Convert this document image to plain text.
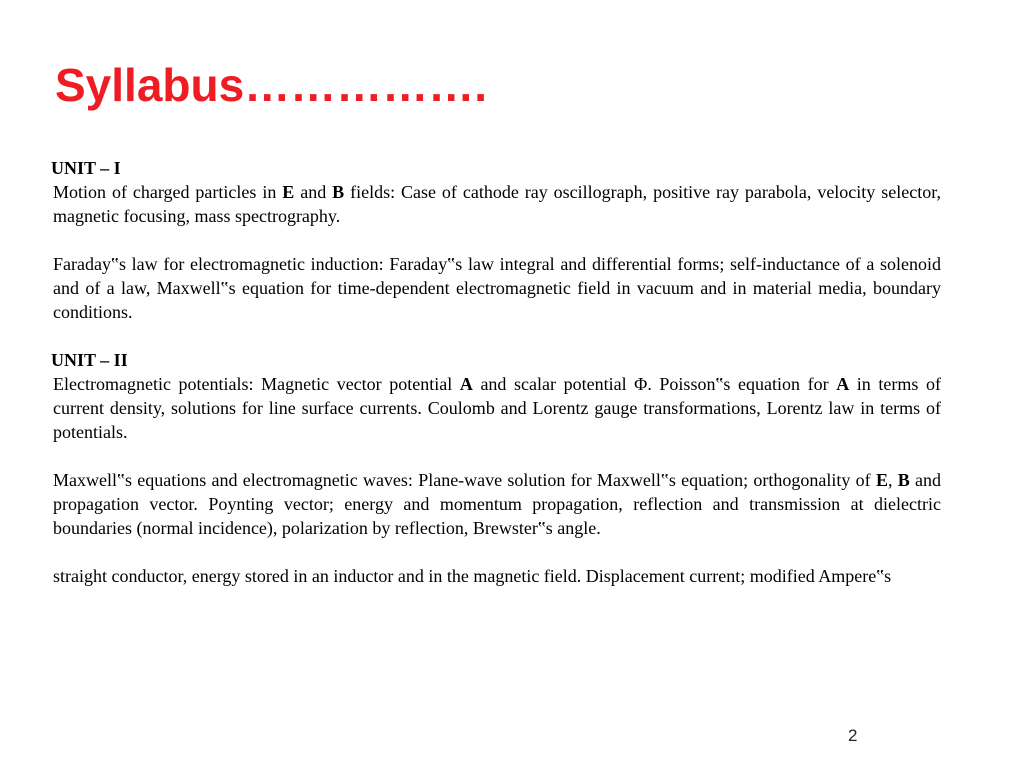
Syllabus…………….
UNIT – I

Motion of charged particles in E and B fields: Case of cathode ray oscillograph, positive ray parabola, velocity selector, magnetic focusing, mass spectrography.

Faraday‟s law for electromagnetic induction: Faraday‟s law integral and differential forms; self-inductance of a solenoid and of a law, Maxwell‟s equation for time-dependent electromagnetic field in vacuum and in material media, boundary conditions.

UNIT – II

Electromagnetic potentials: Magnetic vector potential A and scalar potential Φ. Poisson‟s equation for A in terms of current density, solutions for line surface currents. Coulomb and Lorentz gauge transformations, Lorentz law in terms of potentials.

Maxwell‟s equations and electromagnetic waves: Plane-wave solution for Maxwell‟s equation; orthogonality of E, B and propagation vector. Poynting vector; energy and momentum propagation, reflection and transmission at dielectric boundaries (normal incidence), polarization by reflection, Brewster‟s angle.

straight conductor, energy stored in an inductor and in the magnetic field. Displacement current; modified Ampere‟s

2
